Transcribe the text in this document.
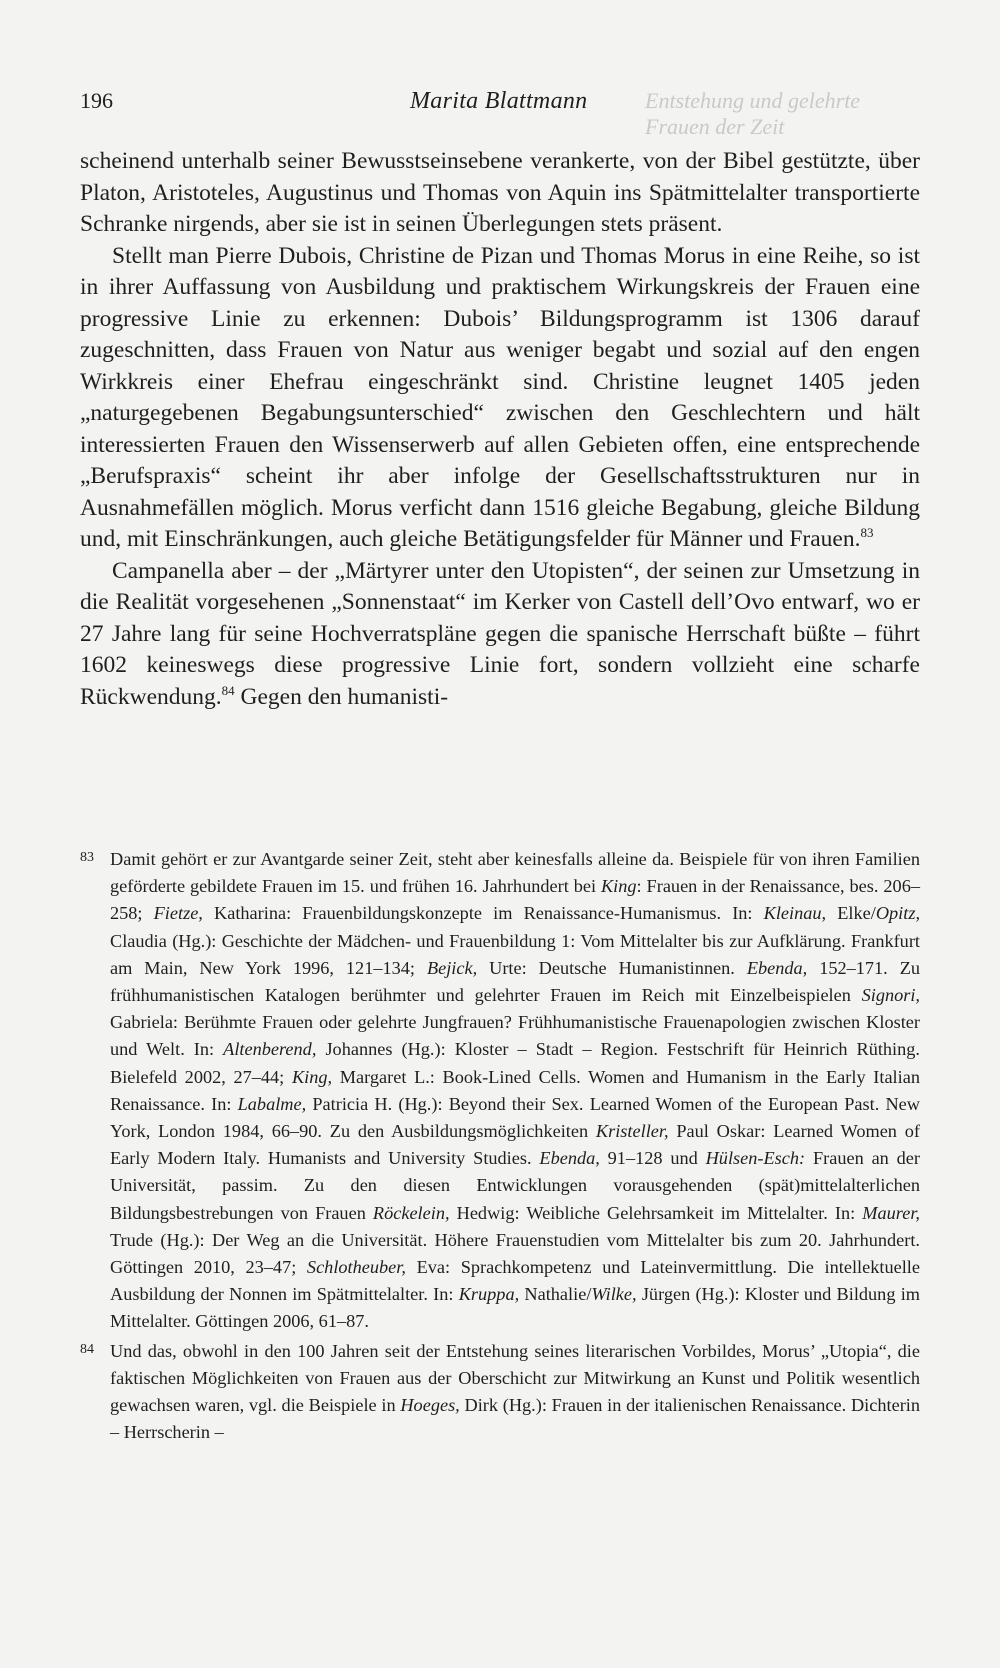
196	Marita Blattmann	Entstehung und gelehrte Frauen der Zeit

scheinend unterhalb seiner Bewusstseinsebene verankerte, von der Bibel gestützte, über Platon, Aristoteles, Augustinus und Thomas von Aquin ins Spätmittelalter transportierte Schranke nirgends, aber sie ist in seinen Überlegungen stets präsent.

Stellt man Pierre Dubois, Christine de Pizan und Thomas Morus in eine Reihe, so ist in ihrer Auffassung von Ausbildung und praktischem Wirkungskreis der Frauen eine progressive Linie zu erkennen: Dubois’ Bildungsprogramm ist 1306 darauf zugeschnitten, dass Frauen von Natur aus weniger begabt und sozial auf den engen Wirkkreis einer Ehefrau eingeschränkt sind. Christine leugnet 1405 jeden „naturgegebenen Begabungsunterschied“ zwischen den Geschlechtern und hält interessierten Frauen den Wissenserwerb auf allen Gebieten offen, eine entsprechende „Berufspraxis“ scheint ihr aber infolge der Gesellschaftsstrukturen nur in Ausnahmefällen möglich. Morus verficht dann 1516 gleiche Begabung, gleiche Bildung und, mit Einschränkungen, auch gleiche Betätigungsfelder für Männer und Frauen.$^{83}$

Campanella aber – der „Märtyrer unter den Utopisten“, der seinen zur Umsetzung in die Realität vorgesehenen „Sonnenstaat“ im Kerker von Castell dell’Ovo entwarf, wo er 27 Jahre lang für seine Hochverratspläne gegen die spanische Herrschaft büßte – führt 1602 keineswegs diese progressive Linie fort, sondern vollzieht eine scharfe Rückwendung.$^{84}$ Gegen den humanisti-

83 Damit gehört er zur Avantgarde seiner Zeit, steht aber keinesfalls alleine da. Beispiele für von ihren Familien geförderte gebildete Frauen im 15. und frühen 16. Jahrhundert bei King: Frauen in der Renaissance, bes. 206–258; Fietze, Katharina: Frauenbildungskonzepte im Renaissance-Humanismus. In: Kleinau, Elke/Opitz, Claudia (Hg.): Geschichte der Mädchen- und Frauenbildung 1: Vom Mittelalter bis zur Aufklärung. Frankfurt am Main, New York 1996, 121–134; Bejick, Urte: Deutsche Humanistinnen. Ebenda, 152–171. Zu frühhumanistischen Katalogen berühmter und gelehrter Frauen im Reich mit Einzelbeispielen Signori, Gabriela: Berühmte Frauen oder gelehrte Jungfrauen? Frühhumanistische Frauenapologien zwischen Kloster und Welt. In: Altenberend, Johannes (Hg.): Kloster – Stadt – Region. Festschrift für Heinrich Rüthing. Bielefeld 2002, 27–44; King, Margaret L.: Book-Lined Cells. Women and Humanism in the Early Italian Renaissance. In: Labalme, Patricia H. (Hg.): Beyond their Sex. Learned Women of the European Past. New York, London 1984, 66–90. Zu den Ausbildungsmöglichkeiten Kristeller, Paul Oskar: Learned Women of Early Modern Italy. Humanists and University Studies. Ebenda, 91–128 und Hülsen-Esch: Frauen an der Universität, passim. Zu den diesen Entwicklungen vorausgehenden (spät)mittelalterlichen Bildungsbestrebungen von Frauen Röckelein, Hedwig: Weibliche Gelehrsamkeit im Mittelalter. In: Maurer, Trude (Hg.): Der Weg an die Universität. Höhere Frauenstudien vom Mittelalter bis zum 20. Jahrhundert. Göttingen 2010, 23–47; Schlotheuber, Eva: Sprachkompetenz und Lateinvermittlung. Die intellektuelle Ausbildung der Nonnen im Spätmittelalter. In: Kruppa, Nathalie/Wilke, Jürgen (Hg.): Kloster und Bildung im Mittelalter. Göttingen 2006, 61–87.
84 Und das, obwohl in den 100 Jahren seit der Entstehung seines literarischen Vorbildes, Morus’ „Utopia“, die faktischen Möglichkeiten von Frauen aus der Oberschicht zur Mitwirkung an Kunst und Politik wesentlich gewachsen waren, vgl. die Beispiele in Hoeges, Dirk (Hg.): Frauen in der italienischen Renaissance. Dichterin – Herrscherin –
